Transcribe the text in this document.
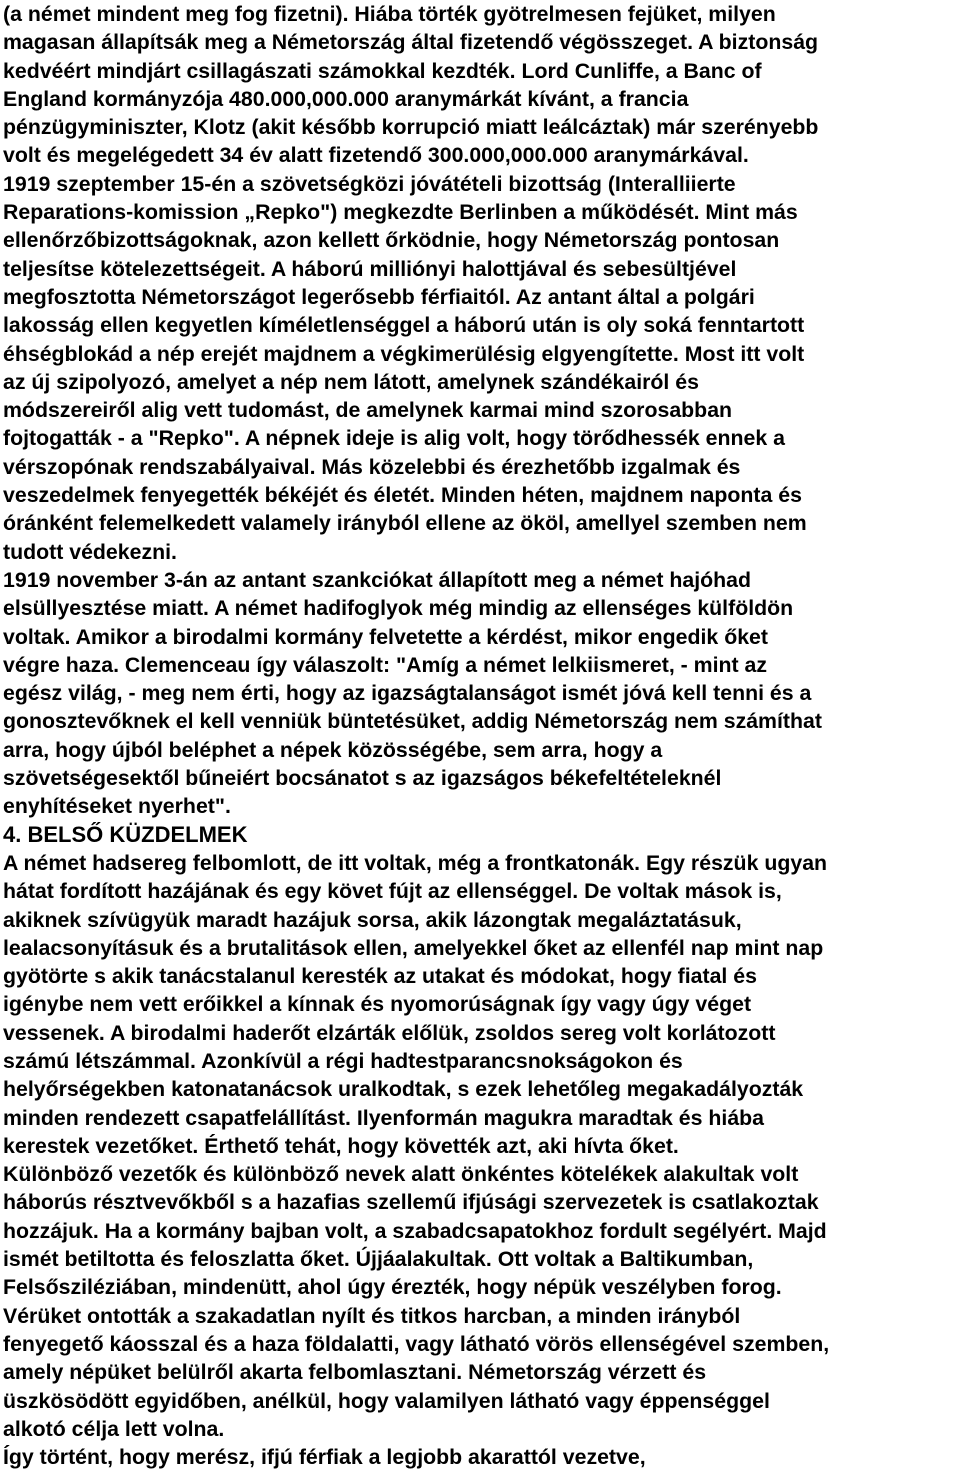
(a német mindent meg fog fizetni). Hiába törték gyötrelmesen fejüket, milyen
magasan állapítsák meg a Németország által fizetendő végösszeget. A biztonság
kedvéért mindjárt csillagászati számokkal kezdték. Lord Cunliffe, a Banc of
England kormányzója 480.000,000.000 aranymárkát kívánt, a francia
pénzügyminiszter, Klotz (akit később korrupció miatt leálcáztak) már szerényebb
volt és megelégedett 34 év alatt fizetendő 300.000,000.000 aranymárkával.
1919 szeptember 15-én a szövetségközi jóvátételi bizottság (Interalliierte
Reparations-komission „Repko") megkezdte Berlinben a működését. Mint más
ellenőrzőbizottságoknak, azon kellett őrködnie, hogy Németország pontosan
teljesítse kötelezettségeit. A háború milliónyi halottjával és sebesültjével
megfosztotta Németországot legerősebb férfiaitól. Az antant által a polgári
lakosság ellen kegyetlen kíméletlenséggel a háború után is oly soká fenntartott
éhségblokád a nép erejét majdnem a végkimerülésig elgyengítette. Most itt volt
az új szipolyozó, amelyet a nép nem látott, amelynek szándékairól és
módszereiről alig vett tudomást, de amelynek karmai mind szorosabban
fojtogatták - a "Repko". A népnek ideje is alig volt, hogy törődhessék ennek a
vérszopónak rendszabályaival. Más közelebbi és érezhetőbb izgalmak és
veszedelmek fenyegették békéjét és életét. Minden héten, majdnem naponta és
óránként felemelkedett valamely irányból ellene az ököl, amellyel szemben nem
tudott védekezni.
1919 november 3-án az antant szankciókat állapított meg a német hajóhad
elsüllyesztése miatt. A német hadifoglyok még mindig az ellenséges külföldön
voltak. Amikor a birodalmi kormány felvetette a kérdést, mikor engedik őket
végre haza. Clemenceau így válaszolt: "Amíg a német lelkiismeret, - mint az
egész világ, - meg nem érti, hogy az igazságtalanságot ismét jóvá kell tenni és a
gonosztevőknek el kell venniük büntetésüket, addig Németország nem számíthat
arra, hogy újból beléphet a népek közösségébe, sem arra, hogy a
szövetségesektől bűneiért bocsánatot s az igazságos békefeltételeknél
enyhítéseket nyerhet".
4. BELSŐ KÜZDELMEK
A német hadsereg felbomlott, de itt voltak, még a frontkatonák. Egy részük ugyan
hátat fordított hazájának és egy követ fújt az ellenséggel. De voltak mások is,
akiknek szívügyük maradt hazájuk sorsa, akik lázongtak megaláztatásuk,
lealacsonyításuk és a brutalitások ellen, amelyekkel őket az ellenfél nap mint nap
gyötörte s akik tanácstalanul keresték az utakat és módokat, hogy fiatal és
igénybe nem vett erőikkel a kínnak és nyomorúságnak így vagy úgy véget
vessenek. A birodalmi haderőt elzárták előlük, zsoldos sereg volt korlátozott
számú létszámmal. Azonkívül a régi hadtestparancsnokságokon és
helyőrségekben katonatanácsok uralkodtak, s ezek lehetőleg megakadályozták
minden rendezett csapatfelállítást. Ilyenformán magukra maradtak és hiába
kerestek vezetőket. Érthető tehát, hogy követték azt, aki hívta őket.
Különböző vezetők és különböző nevek alatt önkéntes kötelékek alakultak volt
háborús résztvevőkből s a hazafias szellemű ifjúsági szervezetek is csatlakoztak
hozzájuk. Ha a kormány bajban volt, a szabadcsapatokhoz fordult segélyért. Majd
ismét betiltotta és feloszlatta őket. Újjáalakultak. Ott voltak a Baltikumban,
Felsősziléziában, mindenütt, ahol úgy érezték, hogy népük veszélyben forog.
Vérüket ontották a szakadatlan nyílt és titkos harcban, a minden irányból
fenyegető káosszal és a haza földalatti, vagy látható vörös ellenségével szemben,
amely népüket belülről akarta felbomlasztani. Németország vérzett és
üszkösödött egyidőben, anélkül, hogy valamilyen látható vagy éppenséggel
alkotó célja lett volna.
Így történt, hogy merész, ifjú férfiak a legjobb akarattól vezetve,
